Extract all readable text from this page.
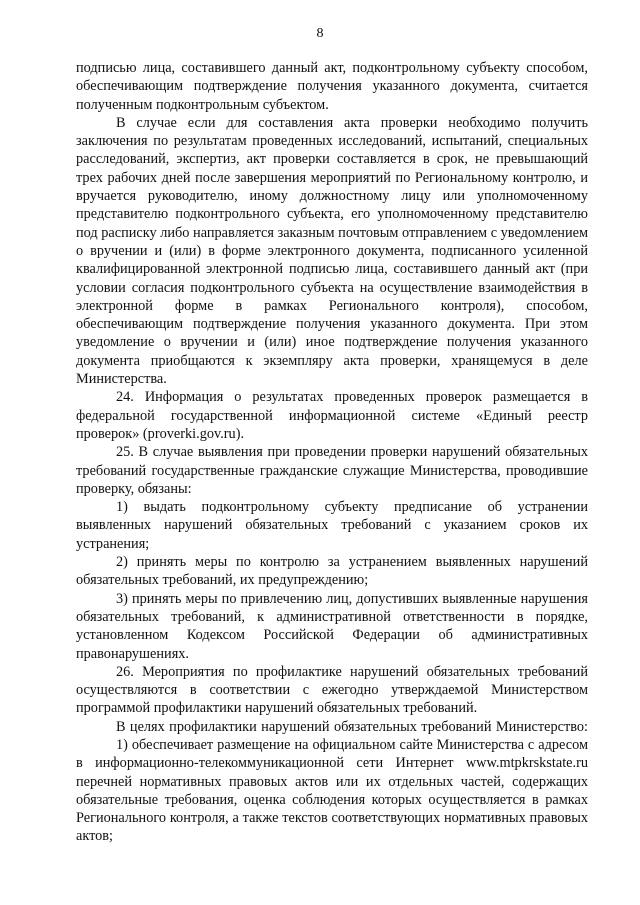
8

подписью лица, составившего данный акт, подконтрольному субъекту способом, обеспечивающим подтверждение получения указанного документа, считается полученным подконтрольным субъектом.

В случае если для составления акта проверки необходимо получить заключения по результатам проведенных исследований, испытаний, специальных расследований, экспертиз, акт проверки составляется в срок, не превышающий трех рабочих дней после завершения мероприятий по Региональному контролю, и вручается руководителю, иному должностному лицу или уполномоченному представителю подконтрольного субъекта, его уполномоченному представителю под расписку либо направляется заказным почтовым отправлением с уведомлением о вручении и (или) в форме электронного документа, подписанного усиленной квалифицированной электронной подписью лица, составившего данный акт (при условии согласия подконтрольного субъекта на осуществление взаимодействия в электронной форме в рамках Регионального контроля), способом, обеспечивающим подтверждение получения указанного документа. При этом уведомление о вручении и (или) иное подтверждение получения указанного документа приобщаются к экземпляру акта проверки, хранящемуся в деле Министерства.

24. Информация о результатах проведенных проверок размещается в федеральной государственной информационной системе «Единый реестр проверок» (proverki.gov.ru).

25. В случае выявления при проведении проверки нарушений обязательных требований государственные гражданские служащие Министерства, проводившие проверку, обязаны:

1) выдать подконтрольному субъекту предписание об устранении выявленных нарушений обязательных требований с указанием сроков их устранения;

2) принять меры по контролю за устранением выявленных нарушений обязательных требований, их предупреждению;

3) принять меры по привлечению лиц, допустивших выявленные нарушения обязательных требований, к административной ответственности в порядке, установленном Кодексом Российской Федерации об административных правонарушениях.

26. Мероприятия по профилактике нарушений обязательных требований осуществляются в соответствии с ежегодно утверждаемой Министерством программой профилактики нарушений обязательных требований.

В целях профилактики нарушений обязательных требований Министерство:

1) обеспечивает размещение на официальном сайте Министерства с адресом в информационно-телекоммуникационной сети Интернет www.mtpkrskstate.ru перечней нормативных правовых актов или их отдельных частей, содержащих обязательные требования, оценка соблюдения которых осуществляется в рамках Регионального контроля, а также текстов соответствующих нормативных правовых актов;
